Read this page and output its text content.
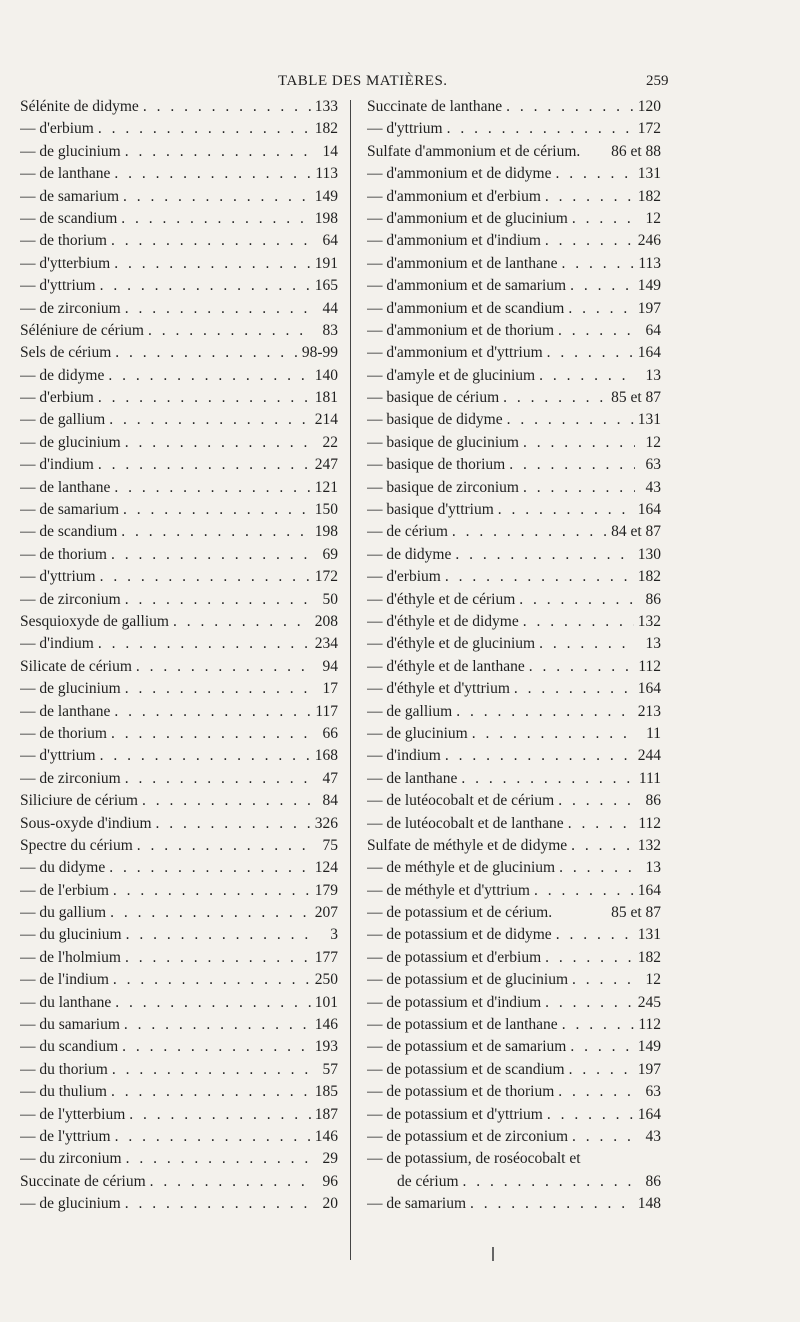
TABLE DES MATIÈRES.	259
Sélénite de didyme . . .	133
— d'erbium . . .	182
— de glucinium . . .	14
— de lanthane . . .	113
— de samarium . . .	149
— de scandium . . .	198
— de thorium . . .	64
— d'ytterbium . . .	191
— d'yttrium . . .	165
— de zirconium . . .	44
Séléniure de cérium . . .	83
Sels de cérium . . .	98-99
— de didyme . . .	140
— d'erbium . . .	181
— de gallium . . .	214
— de glucinium . . .	22
— d'indium . . .	247
— de lanthane . . .	121
— de samarium . . .	150
— de scandium . . .	198
— de thorium . . .	69
— d'yttrium . . .	172
— de zirconium . . .	50
Sesquioxyde de gallium . . .	208
— d'indium . . .	234
Silicate de cérium . . .	94
— de glucinium . . .	17
— de lanthane . . .	117
— de thorium . . .	66
— d'yttrium . . .	168
— de zirconium . . .	47
Siliciure de cérium . . .	84
Sous-oxyde d'indium . . .	326
Spectre du cérium . . .	75
— du didyme . . .	124
— de l'erbium . . .	179
— du gallium . . .	207
— du glucinium . . .	3
— de l'holmium . . .	177
— de l'indium . . .	250
— du lanthane . . .	101
— du samarium . . .	146
— du scandium . . .	193
— du thorium . . .	57
— du thulium . . .	185
— de l'ytterbium . . .	187
— de l'yttrium . . .	146
— du zirconium . . .	29
Succinate de cérium . . .	96
— de glucinium . . .	20
Succinate de lanthane . . .	120
— d'yttrium . . .	172
Sulfate d'ammonium et de cérium. 86 et 88
— d'ammonium et de didyme . . .	131
— d'ammonium et d'erbium . . .	182
— d'ammonium et de glucinium . . .	12
— d'ammonium et d'indium . . .	246
— d'ammonium et de lanthane . . .	113
— d'ammonium et de samarium . . .	149
— d'ammonium et de scandium . . .	197
— d'ammonium et de thorium . . .	64
— d'ammonium et d'yttrium . . .	164
— d'amyle et de glucinium . . .	13
— basique de cérium . . .	85 et 87
— basique de didyme . . .	131
— basique de glucinium . . .	12
— basique de thorium . . .	63
— basique de zirconium . . .	43
— basique d'yttrium . . .	164
— de cérium . . .	84 et 87
— de didyme . . .	130
— d'erbium . . .	182
— d'éthyle et de cérium . . .	86
— d'éthyle et de didyme . . .	132
— d'éthyle et de glucinium . . .	13
— d'éthyle et de lanthane . . .	112
— d'éthyle et d'yttrium . . .	164
— de gallium . . .	213
— de glucinium . . .	11
— d'indium . . .	244
— de lanthane . . .	111
— de lutéocobalt et de cérium . . .	86
— de lutéocobalt et de lanthane . . .	112
Sulfate de méthyle et de didyme . . .	132
— de méthyle et de glucinium . . .	13
— de méthyle et d'yttrium . . .	164
— de potassium et de cérium.	85 et 87
— de potassium et de didyme . . .	131
— de potassium et d'erbium . . .	182
— de potassium et de glucinium . . .	12
— de potassium et d'indium . . .	245
— de potassium et de lanthane . . .	112
— de potassium et de samarium . . .	149
— de potassium et de scandium . . .	197
— de potassium et de thorium . . .	63
— de potassium et d'yttrium . . .	164
— de potassium et de zirconium . . .	43
— de potassium, de roséocobalt et
de cérium . . .	86
— de samarium . . .	148
